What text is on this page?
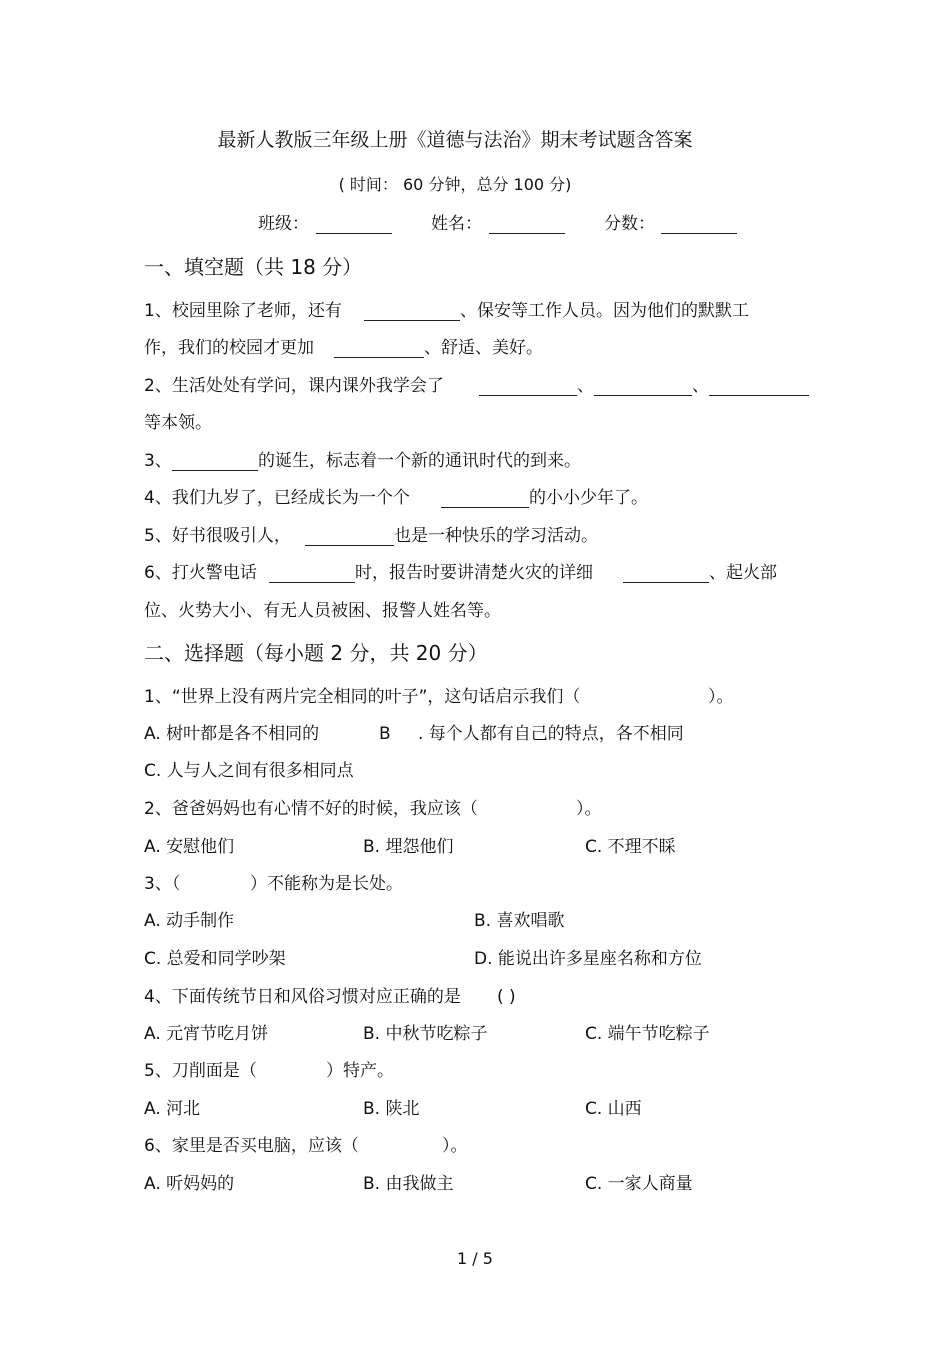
最新人教版三年级上册《道德与法治》期末考试题含答案
( 时间： 60 分钟，总分 100 分)
班级：	姓名：	分数：
一、填空题（共 18 分）
1、校园里除了老师，还有	、保安等工作人员。因为他们的默默工
作，我们的校园才更加	、舒适、美好。
2、生活处处有学问，课内课外我学会了	、	、
等本领。
3、	的诞生，标志着一个新的通讯时代的到来。
4、我们九岁了，已经成长为一个个	的小小少年了。
5、好书很吸引人，	也是一种快乐的学习活动。
6、打火警电话	时，报告时要讲清楚火灾的详细	、起火部
位、火势大小、有无人员被困、报警人姓名等。
二、选择题（每小题 2 分，共 20 分）
1、“世界上没有两片完全相同的叶子”，这句话启示我们（	）。
A. 树叶都是各不相同的	B . 每个人都有自己的特点，各不相同
C. 人与人之间有很多相同点
2、爸爸妈妈也有心情不好的时候，我应该（	）。
A. 安慰他们	B. 埋怨他们	C. 不理不睬
3、（	）不能称为是长处。
A. 动手制作	B. 喜欢唱歌
C. 总爱和同学吵架	D. 能说出许多星座名称和方位
4、下面传统节日和风俗习惯对应正确的是 ( )
A. 元宵节吃月饼	B. 中秋节吃粽子	C. 端午节吃粽子
5、刀削面是（	）特产。
A. 河北	B. 陕北	C. 山西
6、家里是否买电脑，应该（	）。
A. 听妈妈的	B. 由我做主	C. 一家人商量
1 / 5
